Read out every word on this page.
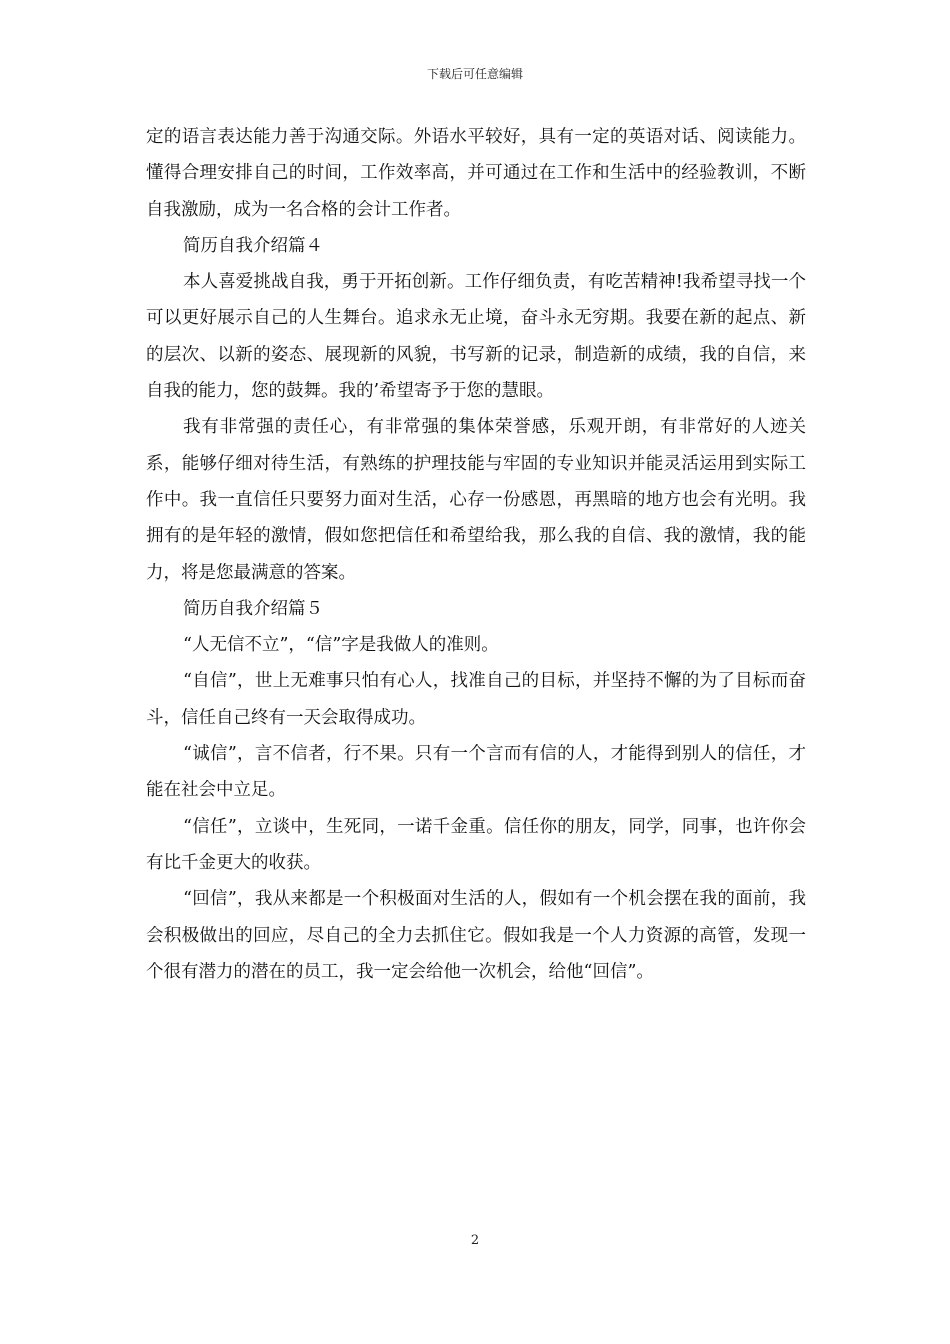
下载后可任意编辑

定的语言表达能力善于沟通交际。外语水平较好，具有一定的英语对话、阅读能力。懂得合理安排自己的时间，工作效率高，并可通过在工作和生活中的经验教训，不断自我激励，成为一名合格的会计工作者。

简历自我介绍篇４

本人喜爱挑战自我，勇于开拓创新。工作仔细负责，有吃苦精神!我希望寻找一个可以更好展示自己的人生舞台。追求永无止境，奋斗永无穷期。我要在新的起点、新的层次、以新的姿态、展现新的风貌，书写新的记录，制造新的成绩，我的自信，来自我的能力，您的鼓舞。我的’希望寄予于您的慧眼。

我有非常强的责任心，有非常强的集体荣誉感，乐观开朗，有非常好的人迹关系，能够仔细对待生活，有熟练的护理技能与牢固的专业知识并能灵活运用到实际工作中。我一直信任只要努力面对生活，心存一份感恩，再黑暗的地方也会有光明。我拥有的是年轻的激情，假如您把信任和希望给我，那么我的自信、我的激情，我的能力，将是您最满意的答案。

简历自我介绍篇５

“人无信不立”，“信”字是我做人的准则。

“自信”，世上无难事只怕有心人，找准自己的目标，并坚持不懈的为了目标而奋斗，信任自己终有一天会取得成功。

“诚信”，言不信者，行不果。只有一个言而有信的人，才能得到别人的信任，才能在社会中立足。

“信任”，立谈中，生死同，一诺千金重。信任你的朋友，同学，同事，也许你会有比千金更大的收获。

“回信”，我从来都是一个积极面对生活的人，假如有一个机会摆在我的面前，我会积极做出的回应，尽自己的全力去抓住它。假如我是一个人力资源的高管，发现一个很有潜力的潜在的员工，我一定会给他一次机会，给他“回信”。

2
